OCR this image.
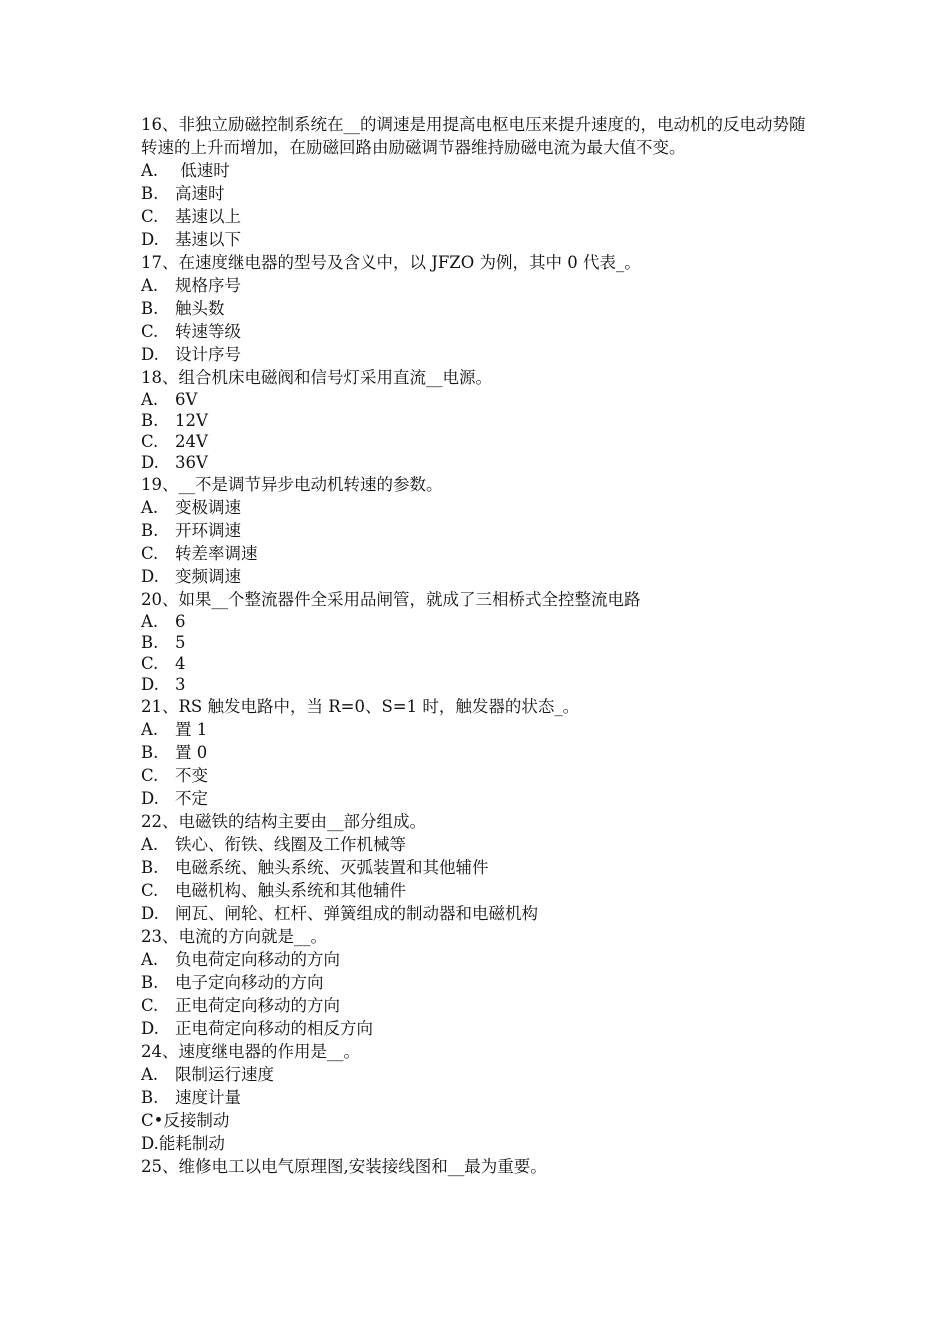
16、非独立励磁控制系统在__的调速是用提高电枢电压来提升速度的，电动机的反电动势随转速的上升而增加，在励磁回路由励磁调节器维持励磁电流为最大值不变。
A. 低速时
B. 高速时
C. 基速以上
D. 基速以下
17、在速度继电器的型号及含义中，以 JFZO 为例，其中 0 代表_。
A. 规格序号
B. 触头数
C. 转速等级
D. 设计序号
18、组合机床电磁阀和信号灯采用直流__电源。
A. 6V
B. 12V
C. 24V
D. 36V
19、__不是调节异步电动机转速的参数。
A. 变极调速
B. 开环调速
C. 转差率调速
D. 变频调速
20、如果__个整流器件全采用品闸管，就成了三相桥式全控整流电路
A. 6
B. 5
C. 4
D. 3
21、RS 触发电路中，当 R=0、S=1 时，触发器的状态_。
A. 置 1
B. 置 0
C. 不变
D. 不定
22、电磁铁的结构主要由__部分组成。
A. 铁心、衔铁、线圈及工作机械等
B. 电磁系统、触头系统、灭弧装置和其他辅件
C. 电磁机构、触头系统和其他辅件
D. 闸瓦、闸轮、杠杆、弹簧组成的制动器和电磁机构
23、电流的方向就是__。
A. 负电荷定向移动的方向
B. 电子定向移动的方向
C. 正电荷定向移动的方向
D. 正电荷定向移动的相反方向
24、速度继电器的作用是__。
A. 限制运行速度
B. 速度计量
C•反接制动
D.能耗制动
25、维修电工以电气原理图,安装接线图和__最为重要。
